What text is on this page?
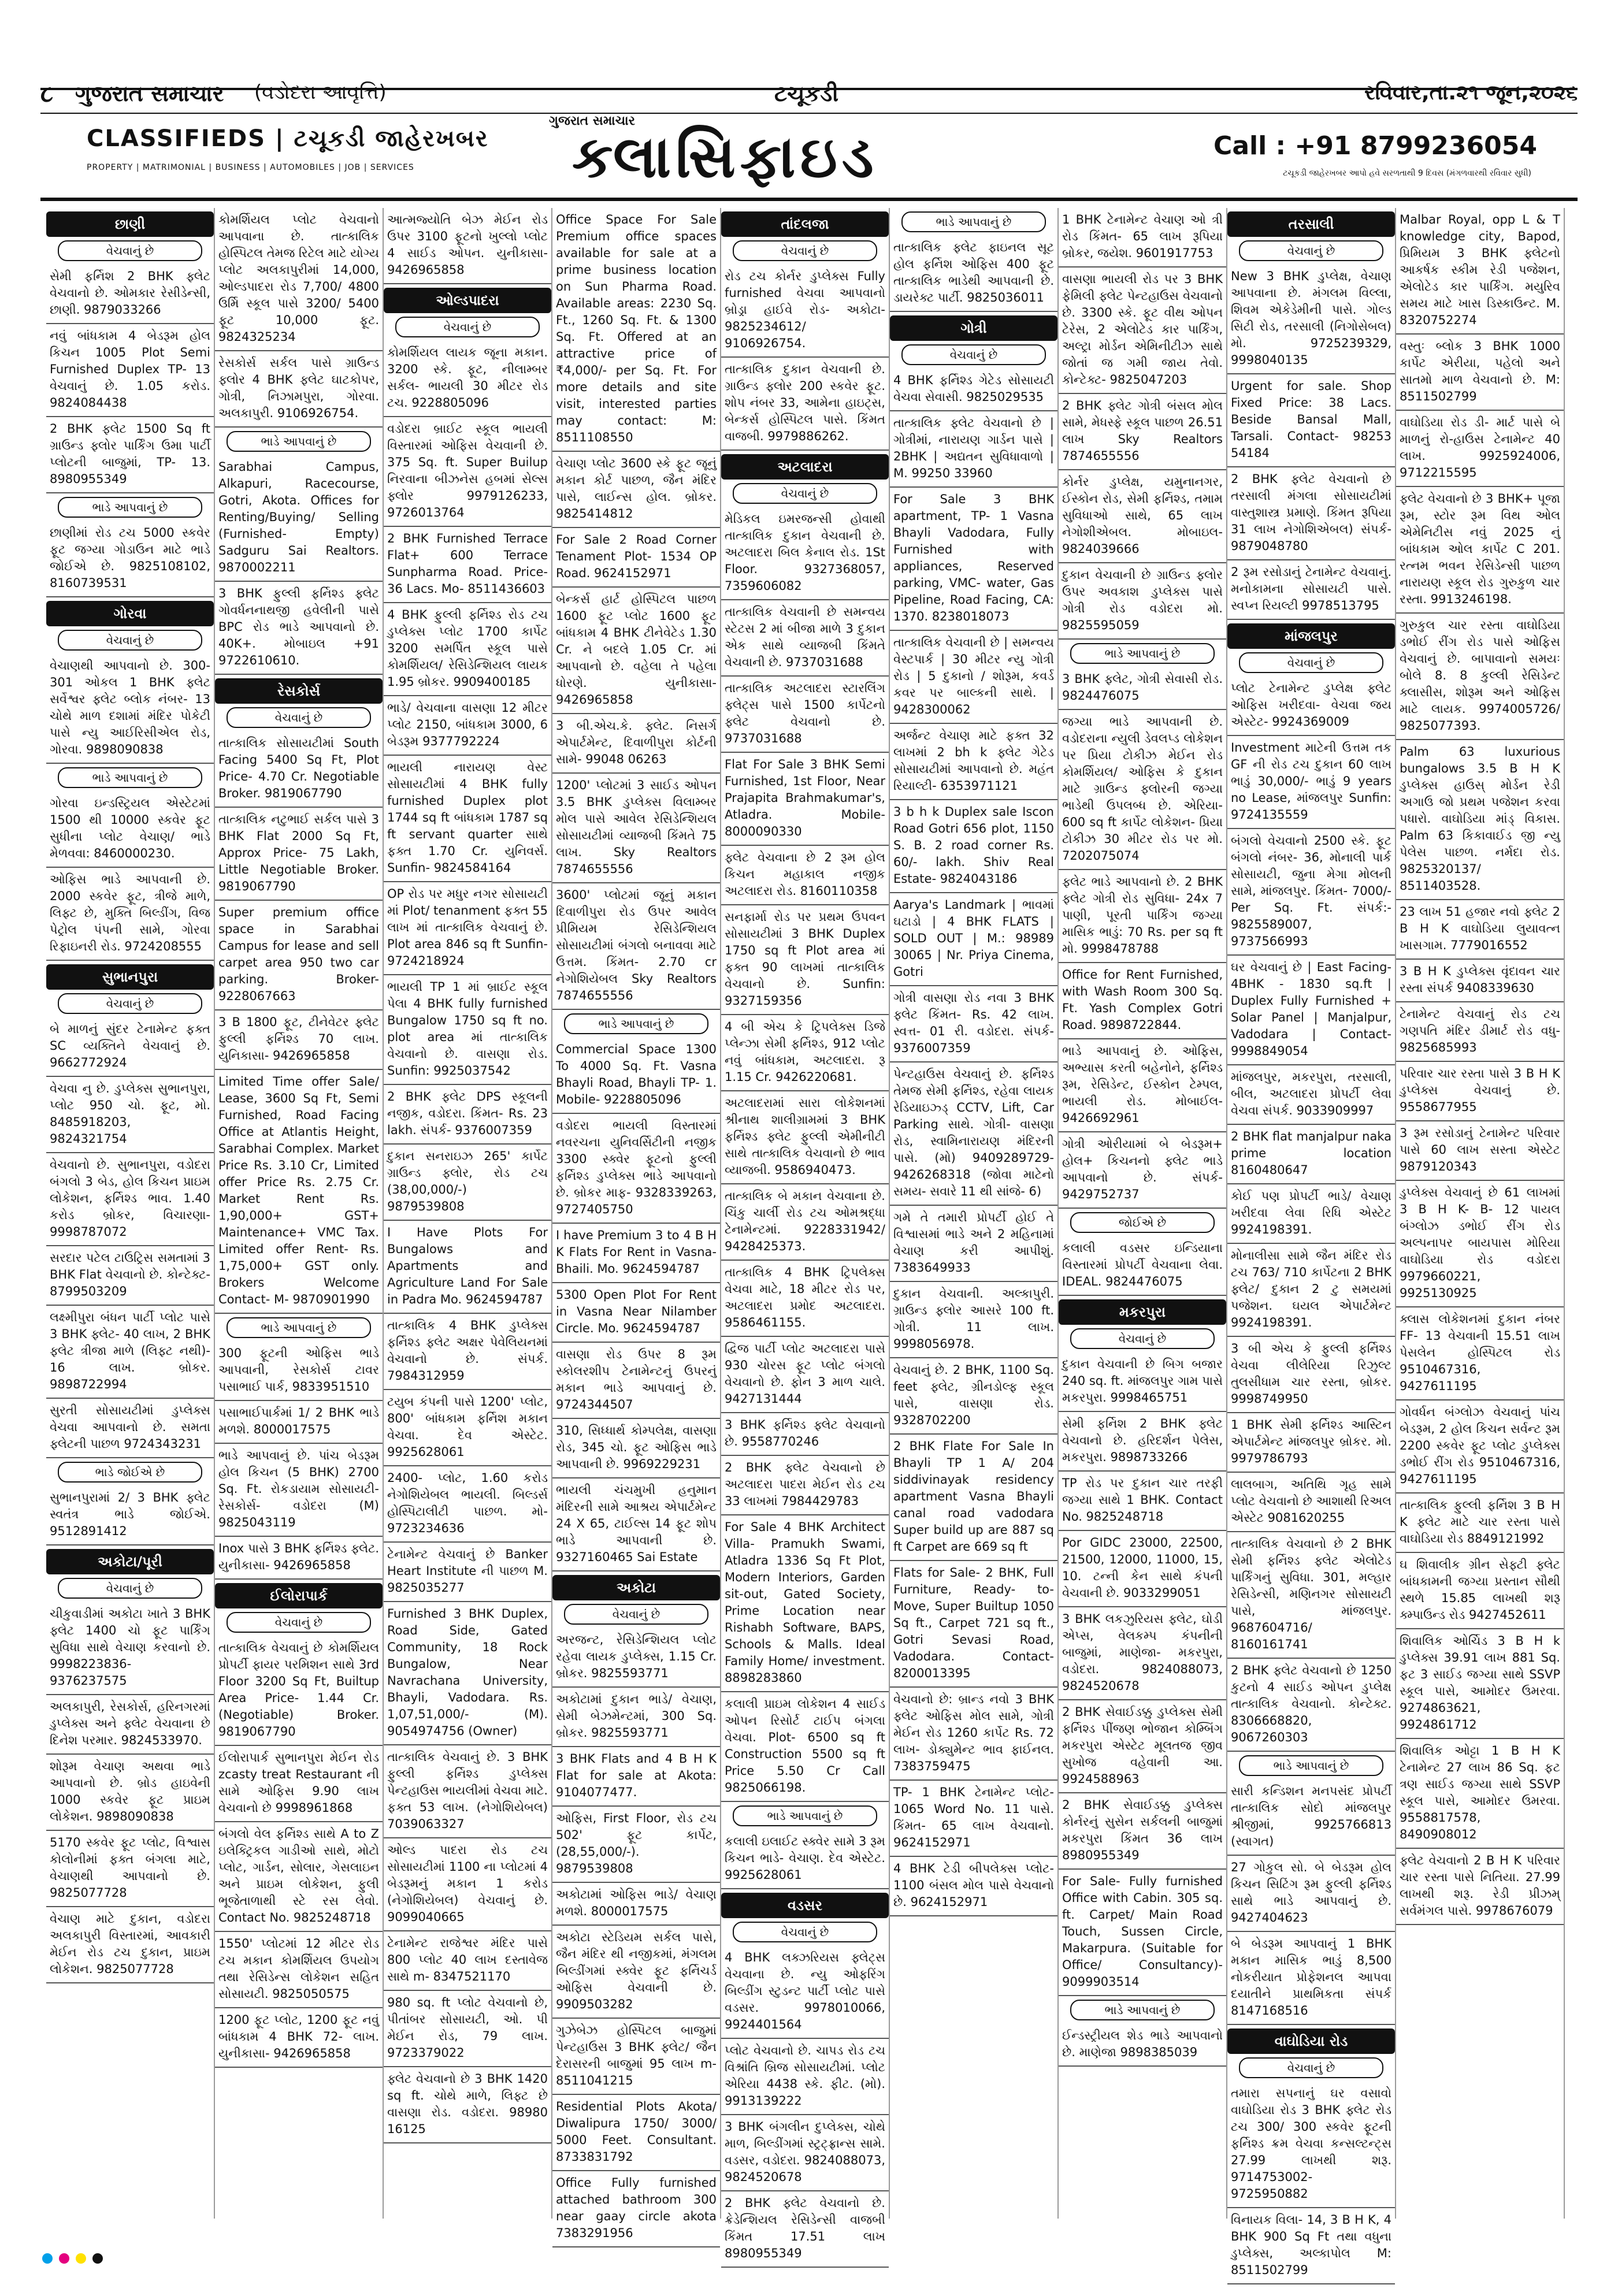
૮ ગુજરાત સમાચાર (વડોદરા આવૃત્તિ)	ટચૂકડી	રવિવાર,તા.૨૧ જૂન,૨૦૨૬
CLASSIFIEDS | ટચૂકડી જાહેરખબર
PROPERTY | MATRIMONIAL | BUSINESS | AUTOMOBILES | JOB | SERVICES
ગુજરાત સમાચાર
ક્લાસિફાઇડ	Call : +91 8799236054
ટચૂકડી જાહેરખબર આપો હવે સરળતાથી 9 દિવસ (મંગળવારથી રવિવાર સુધી)
છાણી
વેચવાનું છે
સેમી ફર્નિશ 2 BHK ફ્લેટ વેચવાનો છે. ઓમકાર રેસીડેન્સી, છાણી. 9879033266
નવું બાંધકામ 4 બેડરૂમ હોલ કિચન 1005 Plot Semi Furnished Duplex TP- 13 વેચવાનું છે. 1.05 કરોડ. 9824084438
2 BHK ફ્લેટ 1500 Sq ft ગ્રાઉન્ડ ફ્લોર પાર્કિંગ ઉમા પાર્ટી પ્લોટની બાજુમાં, TP- 13. 8980955349
ભાડે આપવાનું છે
છાણીમાં રોડ ટચ 5000 સ્કવેર ફૂટ જગ્યા ગોડાઉન માટે ભાડે જોઈએ છે. 9825108102, 8160739531
ગોરવા
વેચવાનું છે
વેચાણથી આપવાનો છે. 300-301 ઓકલ 1 BHK ફ્લેટ સર્વેશ્વર ફ્લેટ બ્લોક નંબર- 13 ચોથે માળ દશામાં મંદિર પોકેટી પાસે ન્યુ આઈરિસીએલ રોડ, ગોરવા. 9898090838
ભાડે આપવાનું છે
ગોરવા ઇન્ડસ્ટ્રિયલ એસ્ટેટમાં 1500 થી 10000 સ્કવેર ફૂટ સુધીના પ્લોટ વેચાણ/ ભાડે મેળવવા: 8460000230.
ઓફિસ ભાડે આપવાની છે. 2000 સ્કવેર ફૂટ, ત્રીજે માળે, લિફ્ટ છે, મુક્તિ બિલ્ડીંગ, વિજ પેટ્રોલ પંપની સામે, ગોરવા રિફાઇનરી રોડ. 9724208555
સુભાનપુરા
વેચવાનું છે
બે માળનું સુંદર ટેનામેન્ટ ફક્ત SC વ્યક્તિને વેચવાનું છે. 9662772924
વેચવા નુ છે. ડુપ્લેક્સ સુભાનપુરા, પ્લોટ 950 ચો. ફૂટ, મો. 8485918203, 9824321754
વેચવાનો છે. સુભાનપુરા, વડોદરા બંગલો 3 બેડ, હોલ કિચન પ્રાઇમ લોકેશન, ફર્નિશ્ડ ભાવ. 1.40 કરોડ બ્રોકર, વિચારણા- 9998787072
સરદાર પટેલ ટાઉટ્રિસ સમતામાં 3 BHK Flat વેચવાનો છે. કોન્ટેક્ટ- 8799503209
લક્ષ્મીપુરા બંધન પાર્ટી પ્લોટ પાસે 3 BHK ફ્લેટ- 40 લાખ, 2 BHK ફ્લેટ ત્રીજા માળે (લિફ્ટ નથી)- 16 લાખ. બ્રોકર. 9898722994
સુરતી સોસાયટીમાં ડુપ્લેક્સ વેચવા આપવાનો છે. સમતા ફ્લેટની પાછળ 9724343231
ભાડે જોઈએ છે
સુભાનપુરામાં 2/ 3 BHK ફ્લેટ સ્વતંત્ર ભાડે જોઈએ. 9512891412
અકોટા/પૂરી
વેચવાનું છે
ચીકુવાડીમાં અકોટા ખાતે 3 BHK ફ્લેટ 1400 ચો ફૂટ પાર્કિંગ સુવિધા સાથે વેચાણ કરવાનો છે. 9998223836- 9376237575
અલકાપુરી, રેસકોર્સ, હરિનગરમાં ડુપ્લેક્સ અને ફ્લેટ વેચવાના છે દિનેશ પરમાર. 9824533970.
શોરૂમ વેચાણ અથવા ભાડે આપવાનો છે. બ્રોડ હાઇવેની 1000 સ્કવેર ફૂટ પ્રાઇમ લોકેશન. 9898090838
5170 સ્કવેર ફૂટ પ્લોટ, વિશ્વાસ કોલોનીમાં ફક્ત બંગલા માટે, વેચાણથી આપવાનો છે. 9825077728
વેચાણ માટે દુકાન, વડોદરા અલકાપુરી વિસ્તારમાં, આવકારી મેઈન રોડ ટચ દુકાન, પ્રાઇમ લોકેશન. 9825077728
કોમર્શિયલ પ્લોટ વેચવાનો આપવાના છે. તાત્કાલિક હોસ્પિટલ તેમજ રિટેલ માટે યોગ્ય પ્લોટ અલકાપુરીમાં 14,000, ઓલ્ડપાદરા રોડ 7,700/ 4800 ઉર્મિ સ્કૂલ પાસે 3200/ 5400 ફૂટ 10,000 ફૂટ. 9824325234
રેસકોર્સ સર્કલ પાસે ગ્રાઉન્ડ ફ્લોર 4 BHK ફ્લેટ ઘાટકોપર, ગોત્રી, નિઝામપુરા, ગોરવા. અલકાપુરી. 9106926754.
ભાડે આપવાનું છે
Sarabhai Campus, Alkapuri, Racecourse, Gotri, Akota. Offices for Renting/Buying/ Selling (Furnished- Empty) Sadguru Sai Realtors. 9870002211
3 BHK ફુલ્લી ફર્નિશ્ડ ફ્લેટ ગોવર્ધનનાથજી હવેલીની પાસે BPC રોડ ભાડે આપવાનો છે. 40K+. મોબાઇલ +91 9722610610.
રેસકોર્સ
વેચવાનું છે
તાત્કાલિક સોસાયટીમાં South Facing 5400 Sq Ft, Plot Price- 4.70 Cr. Negotiable Broker. 9819067790
તાત્કાલિક નટુભાઈ સર્કલ પાસે 3 BHK Flat 2000 Sq Ft, Approx Price- 75 Lakh, Little Negotiable Broker. 9819067790
Super premium office space in Sarabhai Campus for lease and sell carpet area 950 two car parking. Broker- 9228067663
3 B 1800 ફૂટ, ટીનેવેટર ફ્લેટ ફુલ્લી ફર્નિશ્ડ 70 લાખ. યુનિકાસા- 9426965858
Limited Time offer Sale/ Lease, 3600 Sq Ft, Semi Furnished, Road Facing Office at Atlantis Height, Sarabhai Complex. Market Price Rs. 3.10 Cr, Limited offer Price Rs. 2.75 Cr. Market Rent Rs. 1,90,000+ GST+ Maintenance+ VMC Tax. Limited offer Rent- Rs. 1,75,000+ GST only. Brokers Welcome Contact- M- 9870901990
ભાડે આપવાનું છે
300 ફૂટની ઓફિસ ભાડે આપવાની, રેસકોર્સ ટાવર પસાભાઈ પાર્ક, 9833951510
પસાભાઈપાર્કમાં 1/ 2 BHK ભાડે મળશે. 8000017575
ભાડે આપવાનું છે. પાંચ બેડરૂમ હોલ કિચન (5 BHK) 2700 Sq. Ft. રોકડાયામ સોસાયટી- રેસકોર્સ- વડોદરા (M) 9825043119
Inox પાસે 3 BHK ફર્નિશ્ડ ફ્લેટ. યુનીકાસા- 9426965858
ઈલોરાપાર્ક
વેચવાનું છે
તાત્કાલિક વેચવાનું છે કોમર્શિયલ પ્રોપર્ટી ફાયર પરમિશન સાથે 3rd Floor 3200 Sq Ft, Builtup Area Price- 1.44 Cr. (Negotiable) Broker. 9819067790
ઈલોરાપાર્ક સુભાનપુરા મેઈન રોડ zcasty treat Restaurant ની સામે ઓફિસ 9.90 લાખ વેચવાનો છે 9998961868
બંગલો વેલ ફર્નિશ્ડ સાથે A to Z ઇલેક્ટ્રિકલ ગાડીઓ સાથે, મોટો પ્લોટ, ગાર્ડન, સોલાર, ગેસલાઇન અને પ્રાઇમ લોકેશન, ફુલી ભૂજેતાળાથી સ્ટે રસ લેવો. Contact No. 9825248718
1550' પ્લોટમાં 12 મીટર રોડ ટચ મકાન કોમર્શિયલ ઉપયોગ તથા રેસિડેન્સ લોકેશન સહિત સોસાયટી. 9825050575
1200 ફૂટ પ્લોટ, 1200 ફૂટ નવું બાંધકામ 4 BHK 72- લાખ. યુનીકાસા- 9426965858
આત્મજ્યોતિ બેઝ મેઈન રોડ ઉપર 3100 ફૂટનો ખુલ્લો પ્લોટ 4 સાઈડ ઓપન. યુનીકાસા- 9426965858
ઓલ્ડપાદરા
વેચવાનું છે
કોમર્શિયલ લાયક જૂના મકાન. 3200 સ્કે. ફૂટ, નીલામ્બર સર્કલ- ભાયલી 30 મીટર રોડ ટચ. 9228805096
વડોદરા બ્રાઈટ સ્કૂલ ભાયલી વિસ્તારમાં ઓફિસ વેચવાની છે. 375 Sq. ft. Super Builup નિરવાના બીઝનેસ હબમાં સેલ્સ ફ્લોર 9979126233, 9726013764
2 BHK Furnished Terrace Flat+ 600 Terrace Sunpharma Road. Price- 36 Lacs. Mo- 8511436603
4 BHK ફુલ્લી ફર્નિશ્ડ રોડ ટચ ડુપ્લેક્સ પ્લોટ 1700 કાર્પેટ 3200 સમર્પિત સ્કૂલ પાસે કોમર્શિયલ/ રેસિડેન્શિયલ લાયક 1.95 બ્રોકર. 9909400185
ભાડે/ વેચવાના વાસણા 12 મીટર પ્લોટ 2150, બાંધકામ 3000, 6 બેડરૂમ 9377792224
ભાયલી નારાયણ વેસ્ટ સોસાયટીમાં 4 BHK fully furnished Duplex plot 1744 sq ft બાંધકામ 1787 sq ft servant quarter સાથે ફક્ત 1.70 Cr. યુનિવર્સ. Sunfin- 9824584164
OP રોડ પર મધુર નગર સોસાયટી માં Plot/ tenanment ફક્ત 55 લાખ માં તાત્કાલિક વેચવાનું છે. Plot area 846 sq ft Sunfin- 9724218924
ભાયલી TP 1 માં બ્રાઈટ સ્કૂલ પેલા 4 BHK fully furnished Bungalow 1750 sq ft no. plot area માં તાત્કાલિક વેચવાનો છે. વાસણા રોડ. Sunfin: 9925037542
2 BHK ફ્લેટ DPS સ્કૂલની નજીક, વડોદરા. કિંમત- Rs. 23 lakh. સંપર્ક- 9376007359
દુકાન સનરાઇઝ 265' કાર્પેટ ગ્રાઉન્ડ ફ્લોર, રોડ ટચ (38,00,000/-) 9879539808
I Have Plots For Bungalows and Apartments and Agriculture Land For Sale in Padra Mo. 9624594787
તાત્કાલિક 4 BHK ડુપ્લેક્સ ફર્નિશ્ડ ફ્લેટ અક્ષર પેવેલિયનમાં વેચવાનો છે. સંપર્ક. 7984312959
ટયુબ કંપની પાસે 1200' પ્લોટ, 800' બાંધકામ ફર્નિશ મકાન વેચવા. દેવ એસ્ટેટ. 9925628061
2400- પ્લોટ, 1.60 કરોડ નેગોશિયેબલ ભાયલી. બિલ્ડર્સ હોસ્પિટાલીટી પાછળ. મો- 9723234636
ટેનામેન્ટ વેચવાનું છે Banker Heart Institute ની પાછળ M. 9825035277
Furnished 3 BHK Duplex, Road Side, Gated Community, 18 Rock Bungalow, Near Navrachana University, Bhayli, Vadodara. Rs. 1,07,51,000/- (M). 9054974756 (Owner)
તાત્કાલિક વેચવાનું છે. 3 BHK ફુલ્લી ફર્નિશ્ડ ડુપ્લેક્સ પેન્ટહાઉસ ભાયલીમાં વેચવા માટે. ફક્ત 53 લાખ. (નેગોશિયેબલ) 7039063327
ઓલ્ડ પાદરા રોડ ટચ સોસાયટીમાં 1100 ના પ્લોટમાં 4 બેડરૂમનું મકાન 1 કરોડ (નેગોશિયેબલ) વેચવાનું છે. 9099040665
ટેનામેન્ટ રાજેશ્વર મંદિર પાસે 800 પ્લોટ 40 લાખ દસ્તાવેજ સાથે m- 8347521170
980 sq. ft પ્લોટ વેચવાનો છે, પીતાંબર સોસાયટી, ઓ. પી મેઈન રોડ, 79 લાખ. 9723379022
ફ્લેટ વેચવાનો છે 3 BHK 1420 sq ft. ચોથે માળે, લિફ્ટ છે વાસણા રોડ. વડોદરા. 98980 16125
Office Space For Sale Premium office spaces available for sale at a prime business location on Sun Pharma Road. Available areas: 2230 Sq. Ft., 1260 Sq. Ft. & 1300 Sq. Ft. Offered at an attractive price of ₹4,000/- per Sq. Ft. For more details and site visit, interested parties may contact: M: 8511108550
વેચાણ પ્લોટ 3600 સ્કે ફૂટ જૂનું મકાન કોર્ટ પાછળ, જૈન મંદિર પાસે, લાઈન્સ હોલ. બ્રોકર. 9825414812
For Sale 2 Road Corner Tenament Plot- 1534 OP Road. 9624152971
બેન્કર્સ હાર્ટ હોસ્પિટલ પાછળ 1600 ફૂટ પ્લોટ 1600 ફૂટ બાંધકામ 4 BHK ટીનેવેટેડ 1.30 Cr. ને બદલે 1.05 Cr. માં આપવાનો છે. વહેલા તે પહેલા ધોરણે. યુનીકાસા- 9426965858
3 બી.એચ.કે. ફ્લેટ. નિસર્ગ એપાર્ટમેન્ટ, દિવાળીપુરા કોર્ટની સામે- 99048 06263
1200' પ્લોટમાં 3 સાઈડ ઓપન 3.5 BHK ડુપ્લેક્સ વિલામ્બર મોલ પાસે આવેલ રેસિડેન્શિયલ સોસાયટીમાં વ્યાજબી કિંમતે 75 લાખ. Sky Realtors 7874655556
3600' પ્લોટમાં જૂનું મકાન દિવાળીપુરા રોડ ઉપર આવેલ પ્રીમિયમ રેસિડેન્શિયલ સોસાયટીમાં બંગલો બનાવવા માટે ઉત્તમ. કિંમત- 2.70 cr નેગોશિયેબલ Sky Realtors 7874655556
ભાડે આપવાનું છે
Commercial Space 1300 To 4000 Sq. Ft. Vasna Bhayli Road, Bhayli TP- 1. Mobile- 9228805096
વડોદરા ભાયલી વિસ્તારમાં નવરચના યુનિવર્સિટીની નજીક 3300 સ્ક્વેર ફૂટનો ફુલ્લી ફર્નિશ્ડ ડુપ્લેક્સ ભાડે આપવાનો છે. બ્રોકર માફ- 9328339263, 9727405750
I have Premium 3 to 4 B H K Flats For Rent in Vasna- Bhaili. Mo. 9624594787
5300 Open Plot For Rent in Vasna Near Nilamber Circle. Mo. 9624594787
વાસણા રોડ ઉપર 8 રૂમ સ્કોલરશીપ ટેનામેન્ટનું ઉપરનું મકાન ભાડે આપવાનું છે. 9724344507
310, સિધ્ધાર્થ કોમ્પલેક્ષ, વાસણા રોડ, 345 ચો. ફૂટ ઓફિસ ભાડે આપવાની છે. 9969229231
ભાયલી ચંચમુખી હનુમાન મંદિરની સામે આશ્રય એપાર્ટમેન્ટ 24 X 65, ટાઈલ્સ 14 ફૂટ શોપ ભાડે આપવાની છે. 9327160465 Sai Estate
અકોટા
વેચવાનું છે
અરજન્ટ, રેસિડેન્શિયલ પ્લોટ રહેવા લાયક ડુપ્લેક્સ, 1.15 Cr. બ્રોકર. 9825593771
અકોટામાં દુકાન ભાડે/ વેચાણ, સેમી બેઝમેન્ટમાં, 300 Sq. બ્રોકર. 9825593771
3 BHK Flats and 4 B H K Flat for sale at Akota: 9104077477.
ઓફિસ, First Floor, રોડ ટચ 502' ફૂટ કાર્પેટ, (28,55,000/-). 9879539808
અકોટામાં ઓફિસ ભાડે/ વેચાણ મળશે. 8000017575
અકોટા સ્ટેડિયમ સર્કલ પાસે, જૈન મંદિર થી નજીકમાં, મંગલમ બિલ્ડીંગમાં સ્ક્વેર ફૂટ ફર્નિચર્ડ ઓફિસ વેચવાની છે. 9909503282
ગુઝેબેઝ હોસ્પિટલ બાજુમાં પેન્ટહાઉસ 3 BHK ફ્લેટ/ જૈન દેરાસરની બાજુમાં 95 લાખ m- 8511041215
Residential Plots Akota/ Diwalipura 1750/ 3000/ 5000 Feet. Consultant. 8733831792
Office Fully furnished attached bathroom 300 near gaay circle akota 7383291956
તાંદલજા
વેચવાનું છે
રોડ ટચ કોર્નર ડુપ્લેક્સ Fully furnished વેચવા આપવાનો બ્રોડ્રા હાઈવે રોડ- અકોટા- 9825234612/ 9106926754.
તાત્કાલિક દુકાન વેચવાની છે. ગ્રાઉન્ડ ફ્લોર 200 સ્કવેર ફૂટ. શોપ નંબર 33, આમેના હાઇટ્સ, બેન્કર્સ હોસ્પિટલ પાસે. કિંમત વાજબી. 9979886262.
અટલાદરા
વેચવાનું છે
મેડિકલ ઇમરજન્સી હોવાથી તાત્કાલિક દુકાન વેચવાની છે. અટલાદરા બિલ કેનાલ રોડ. 1St Floor. 9327368057, 7359606082
તાત્કાલિક વેચવાની છે સમન્વય સ્ટેટસ 2 માં બીજા માળે 3 દુકાન એક સાથે વ્યાજબી કિંમતે વેચવાની છે. 9737031688
તાત્કાલિક અટલાદરા સ્ટારલિંગ ફ્લેટ્સ પાસે 1500 કાર્પેટનો ફ્લેટ વેચવાનો છે. 9737031688
Flat For Sale 3 BHK Semi Furnished, 1st Floor, Near Prajapita Brahmakumar's, Atladra. Mobile- 8000090330
ફ્લેટ વેચવાના છે 2 રૂમ હોલ કિચન મહાકાલ નજીક અટલાદરા રોડ. 8160110358
સનફાર્મા રોડ પર પ્રથમ ઉપવન સોસાયટીમાં 3 BHK Duplex 1750 sq ft Plot area માં ફક્ત 90 લાખમાં તાત્કાલિક વેચવાનો છે. Sunfin: 9327159356
4 બી એચ કે ટ્રિપલેક્સ ડિજે પ્લેન્ઝા સેમી ફર્નિશ્ડ, 912 પ્લોટ નવું બાંધકામ, અટલાદરા. રૂ 1.15 Cr. 9426220681.
અટલાદરામાં સારા લોકેશનમાં શ્રીનાથ શાલીગ્રામમાં 3 BHK ફર્નિશ્ડ ફ્લેટ ફુલ્લી એમીનીટી સાથે તાત્કાલિક વેચવાનો છે ભાવ વ્યાજબી. 9586940473.
તાત્કાલિક બે મકાન વેચવાના છે. ચિંકુ ચાર્લી રોડ ટચ ઓમશ્રદ્ધા ટેનામેન્ટમાં. 9228331942/ 9428425373.
તાત્કાલિક 4 BHK ટ્રિપલેક્સ વેચવા માટે, 18 મીટર રોડ પર, અટલાદરા પ્રમોદ અટલાદરા. 9586461155.
દ્વિજ પાર્ટી પ્લોટ અટલાદરા પાસે 930 ચોરસ ફૂટ પ્લોટ બંગલો વેચવાનો છે. ફોન 3 માળ ચાલે. 9427131444
3 BHK ફર્નિશ્ડ ફ્લેટ વેચવાનો છે. 9558770246
2 BHK ફ્લેટ વેચવાનો છે અટલાદરા પાદરા મેઈન રોડ ટચ 33 લાખમાં 7984429783
For Sale 4 BHK Architect Villa- Pramukh Swami, Atladra 1336 Sq Ft Plot, Modern Interiors, Garden sit-out, Gated Society, Prime Location near Rishabh Software, BAPS, Schools & Malls. Ideal Family Home/ investment. 8898283860
કલાલી પ્રાઇમ લોકેશન 4 સાઈડ ઓપન રિસોર્ટ ટાઈપ બંગલા વેચવા. Plot- 6500 sq ft Construction 5500 sq ft Price 5.50 Cr Call 9825066198.
ભાડે આપવાનું છે
કલાલી ઇલાઈટ સ્ક્વેર સામે 3 રૂમ કિચન ભાડે- વેચાણ. દેવ એસ્ટેટ. 9925628061
વડસર
વેચવાનું છે
4 BHK લક્ઝરિયસ ફ્લેટ્સ વેચવાના છે. ન્યુ ઓફરિંગ બિલ્ડીંગ સ્ટુડન્ટ પાર્ટી પ્લોટ પાસે વડસર. 9978010066, 9924401564
પ્લોટ વેચવાનો છે. ચાપડ રોડ ટચ વિશ્રાંતિ બ્રિજ સોસાયટીમાં. પ્લોટ એરિયા 4438 સ્કે. ફીટ. (મો). 9913139222
3 BHK બંગલીન દુપ્લેક્સ, ચોથે માળ, બિલ્ડીંગમાં સ્ટ્રટ્ફ્રાન્સ સામે. વડસર, વડોદરા. 9824088073, 9824520678
2 BHK ફ્લેટ વેચવાનો છે. ક્રેડેન્શિયલ રેસિડેન્સી વાજબી કિંમત 17.51 લાખ 8980955349
ભાડે આપવાનું છે
તાત્કાલિક ફ્લેટ ફાઇનલ સૂટ હોલ ફર્નિશ ઓફિસ 400 ફૂટ તાત્કાલિક ભાડેથી આપવાની છે. ડાયરેક્ટ પાર્ટી. 9825036011
ગોત્રી
વેચવાનું છે
4 BHK ફર્નિશ્ડ ગેટેડ સોસાયટી વેચવા સેવાસી. 9825029535
તાત્કાલિક ફ્લેટ વેચવાનો છે | ગોત્રીમાં, નારાયણ ગાર્ડન પાસે | 2BHK | અદ્યતન સુવિધાવાળો | M. 99250 33960
For Sale 3 BHK apartment, TP- 1 Vasna Bhayli Vadodara, Fully Furnished with appliances, Reserved parking, VMC- water, Gas Pipeline, Road Facing, CA: 1370. 8238018073
તાત્કાલિક વેચવાની છે | સમન્વય વેસ્ટપાર્ક | 30 મીટર ન્યુ ગોત્રી રોડ | 5 દુકાનો / શોરૂમ, કવર્ડ કવર પર બાલ્કની સાથે. | 9428300062
અર્જન્ટ વેચાણ માટે ફક્ત 32 લાખમાં 2 bh k ફ્લેટ ગેટેડ સોસાયટીમાં આપવાનો છે. મહંત રિયાલ્ટી- 6353971121
3 b h k Duplex sale Iscon Road Gotri 656 plot, 1150 S. B. 2 road corner Rs. 60/- lakh. Shiv Real Estate- 9824043186
Aarya's Landmark | ભાવમાં ઘટાડો | 4 BHK FLATS | SOLD OUT | M.: 98989 30065 | Nr. Priya Cinema, Gotri
ગોત્રી વાસણા રોડ નવા 3 BHK ફ્લેટ કિંમત- Rs. 42 લાખ. સ્વત્ત- 01 રી. વડોદરા. સંપર્ક- 9376007359
પેન્ટહાઉસ વેચવાનું છે. ફર્નિશ્ડ તેમજ સેમી ફર્નિશ્ડ, રહેવા લાયક રેડિયાઇઝ્ડ્ CCTV, Lift, Car Parking સાથે. ગોત્રી- વાસણા રોડ, સ્વામિનારાયણ મંદિરની પાસે. (મો) 9409289729- 9426268318 (જોવા માટેનો સમય- સવારે 11 થી સાંજે- 6)
ગમે તે તમારી પ્રોપર્ટી હોઈ તે વિશ્વાસમાં ભાડે અને 2 મહિનામાં વેચાણ કરી આપીશું. 7383649933
દુકાન વેચવાની. અલ્કાપુરી. ગ્રાઉન્ડ ફ્લોર આસરે 100 ft. ગોત્રી. 11 લાખ. 9998056978.
વેચવાનું છે. 2 BHK, 1100 Sq. feet ફ્લેટ, ગ્રીનડોલ્ફ સ્કૂલ પાસે, વાસણા રોડ. 9328702200
2 BHK Flate For Sale In Bhayli TP 1 A/ 204 siddivinayak residency apartment Vasna Bhayli canal road vadodara Super build up are 887 sq ft Carpet are 669 sq ft
Flats for Sale- 2 BHK, Full Furniture, Ready- to- Move, Super Builtup 1050 Sq ft., Carpet 721 sq ft., Gotri Sevasi Road, Vadodara. Contact- 8200013395
વેચવાનો છે: બ્રાન્ડ નવો 3 BHK ફ્લેટ ઓફિસ મોલ સામે, ગોત્રી મેઈન રોડ 1260 કાર્પેટ Rs. 72 લાખ- ડોક્યુમેન્ટ ભાવ ફાઈનલ. 7383759475
TP- 1 BHK ટેનામેન્ટ પ્લોટ- 1065 Word No. 11 પાસે. કિંમત- 65 લાખ વેચવાનો. 9624152971
4 BHK ટેડી બીપલેક્સ પ્લોટ- 1100 બંસલ મોલ પાસે વેચવાનો છે. 9624152971
1 BHK ટેનામેન્ટ વેચાણ ઓ ત્રી રોડ કિંમત- 65 લાખ રૂપિયા બ્રોકર, જયેશ. 9601917753
વાસણા ભાયલી રોડ પર 3 BHK ફેમિલી ફ્લેટ પેન્ટહાઉસ વેચવાનો છે. 3300 સ્કે. ફૂટ વીથ ઓપન ટેરેસ, 2 એલોટેડ કાર પાર્કિંગ, અલ્ટ્રા મોર્ડન એમિનીટીઝ સાથે જોતાં જ ગમી જાય તેવો. કોન્ટેક્ટ- 9825047203
2 BHK ફ્લેટ ગોત્રી બંસલ મોલ સામે, મેધસ્ફે સ્કૂલ પાછળ 26.51 લાખ Sky Realtors 7874655556
કોર્નર ડુપ્લેક્ષ, યમુનાનગર, ઈસ્કોન રોડ, સેમી ફર્નિશ્ડ, તમામ સુવિધાઓ સાથે, 65 લાખ નેગોશીએબલ. મોબાઇલ- 9824039666
દુકાન વેચવાની છે ગ્રાઉન્ડ ફ્લોર ઉપર અવકાશ ડુપ્લેક્સ પાસે ગોત્રી રોડ વડોદરા મો. 9825595059
ભાડે આપવાનું છે
3 BHK ફ્લેટ, ગોત્રી સેવાસી રોડ. 9824476075
જગ્યા ભાડે આપવાની છે. વડોદરાના ન્યુલી ડેવલપ્ડ લોકેશન પર પ્રિયા ટોકીઝ મેઈન રોડ કોમર્શિયલ/ ઓફિસ કે દુકાન માટે ગ્રાઉન્ડ ફ્લોરની જગ્યા ભાડેથી ઉપલબ્ધ છે. એરિયા- 600 sq ft કાર્પેટ લોકેશન- પ્રિયા ટોકીઝ 30 મીટર રોડ પર મો. 7202075074
ફ્લેટ ભાડે આપવાનો છે. 2 BHK ફ્લેટ ગોત્રી રોડ સુવિધા- 24x 7 પાણી, પૂરતી પાર્કિંગ જગ્યા માસિક ભાડું: 70 Rs. per sq ft મો. 9998478788
Office for Rent Furnished, with Wash Room 300 Sq. Ft. Yash Complex Gotri Road. 9898722844.
ભાડે આપવાનું છે. ઓફિસ, અભ્યાસ કરતી બહેનોને, ફર્નિશ્ડ રૂમ, રેસિડેન્ટ, ઈસ્કોન ટેમ્પલ, ભાયલી રોડ. મોબાઈલ- 9426692961
ગોત્રી ઓરીયામાં બે બેડરૂમ+ હોલ+ કિચનનો ફ્લેટ ભાડે આપવાનો છે. સંપર્ક- 9429752737
જોઈએ છે
કલાલી વડસર ઇન્ડિયાના વિસ્તારમાં પ્રોપર્ટી વેચવાના લેવા. IDEAL. 9824476075
મકરપુરા
વેચવાનું છે
દુકાન વેચવાની છે બિગ બજાર 240 sq. ft. માંજલપુર ગામ પાસે મકરપુરા. 9998465751
સેમી ફર્નિશ 2 BHK ફ્લેટ વેચવાનો છે. હરિદર્શન પેલેસ, મકરપુરા. 9898733266
TP રોડ પર દુકાન ચાર તરફી જગ્યા સાથે 1 BHK. Contact No. 9825248718
Por GIDC 23000, 22500, 21500, 12000, 11000, 15, 10. ટન્ની કેન સાથે કંપની વેચવાની છે. 9033299051
3 BHK લકઝુરિયસ ફ્લેટ, ઘોડી એપ્સ, વેલકમ્પ કંપનીની બાજુમાં, માણેજા- મકરપુરા, વડોદરા. 9824088073, 9824520678
2 BHK સેવાઈડક્કુ ડુપ્લેક્સ સેમી ફર્નિશ્ડ પીંજણ ભોજાન કોમ્બિંગ મકરપુરા એસ્ટેટ મૂલતજ જીવ સુખોજ વહેવાની આ. 9924588963
2 BHK સેવાઈડક્કુ ડુપ્લેક્સ કોર્નરનું સુસેન સર્કલની બાજુમાં મકરપુરા કિંમત 36 લાખ 8980955349
For Sale- Fully furnished Office with Cabin. 305 sq. ft. Carpet/ Main Road Touch, Sussen Circle, Makarpura. (Suitable for Office/ Consultancy)- 9099903514
ભાડે આપવાનું છે
ઈન્ડસ્ટ્રીયલ શેડ ભાડે આપવાનો છે. માણેજા 9898385039
તરસાલી
વેચવાનું છે
New 3 BHK ડુપ્લેક્ષ, વેચાણ આપવાના છે. મંગલમ વિલ્લા, શિવમ એકેડેમીની પાસે. ગોલ્ડ સિટી રોડ, તરસાલી (નિગોસેબલ) મો. 9725239329, 9998040135
Urgent for sale. Shop Fixed Price: 38 Lacs. Beside Bansal Mall, Tarsali. Contact- 98253 54184
2 BHK ફ્લેટ વેચવાનો છે તરસાલી મંગલા સોસાયટીમાં વાસ્તુશાસ્ત્ર પ્રમાણે. કિંમત રૂપિયા 31 લાખ નેગોશિએબલ) સંપર્ક- 9879048780
2 રૂમ રસોડાનું ટેનામેન્ટ વેચવાનું. મનોકામના સોસાયટી પાસે. સ્વપ્ન રિયલ્ટી 9978513795
માંજલપુર
વેચવાનું છે
પ્લોટ ટેનામેન્ટ ડુપ્લેક્ષ ફ્લેટ ઓફિસ ખરીદવા- વેચવા જય એસ્ટેટ- 9924369009
Investment માટેની ઉત્તમ તક GF ની રોડ ટચ દુકાન 60 લાખ ભાડું 30,000/- ભાડું 9 years no Lease, માંજલપુર Sunfin: 9724135559
બંગલો વેચવાનો 2500 સ્કે. ફૂટ બંગલો નંબર- 36, મોનાલી પાર્ક સોસાયટી, જુના મેગા મોલની સામે, માંજલપુર. કિંમત- 7000/- Per Sq. Ft. સંપર્ક:- 9825589007, 9737566993
ઘર વેચવાનું છે | East Facing- 4BHK - 1830 sq.ft | Duplex Fully Furnished + Solar Panel | Manjalpur, Vadodara | Contact- 9998849054
માંજલપુર, મકરપુરા, તરસાલી, બીલ, અટલાદરા પ્રોપર્ટી લેવા વેચવા સંપર્ક. 9033909997
2 BHK flat manjalpur naka prime location 8160480647
કોઈ પણ પ્રોપર્ટી ભાડે/ વેચાણ ખરીદવા લેવા રિધિ એસ્ટેટ 9924198391.
મોનાલીસા સામે જૈન મંદિર રોડ ટચ 763/ 710 કાર્પેટના 2 BHK ફ્લેટ/ દુકાન 2 ટુ સમયમાં પજેશન. ઘયલ એપાર્ટમેન્ટ 9924198391.
3 બી એચ કે ફુલ્લી ફર્નિશ્ડ વેચવા લીલેરિયા રિઝુલ્ટ તુલસીધામ ચાર રસ્તા, બ્રોકર. 9998749950
1 BHK સેમી ફર્નિશ્ડ આસ્ટિન એપાર્ટમેન્ટ માંજલપુર બ્રોકર. મો. 9979786793
લાલબાગ, અતિથિ ગૃહ સામે પ્લોટ વેચવાનો છે આશાથી રિઅલ એસ્ટેટ 9081620255
તાત્કાલિક વેચવાનો છે 2 BHK સેમી ફર્નિશ્ડ ફ્લેટ એલોટેડ પાર્કિંગનું સુવિધા. 301, મલ્હાર રેસિડેન્સી, મણિનગર સોસાયટી પાસે, માંજલપુર. 9687604716/ 8160161741
2 BHK ફ્લેટ વેચવાનો છે 1250 કુટનો 4 સાઈડ ઓપન ડુપ્લેક્ષ તાત્કાલિક વેચવાનો. કોન્ટેક્ટ. 8306668820, 9067260303
ભાડે આપવાનું છે
સારી કન્ડિશન મનપસંદ પ્રોપર્ટી તાત્કાલિક સોદો માંજલપુર શ્રીજીમાં, 9925766813 (સ્વાગત)
27 ગોકુલ સો. બે બેડરૂમ હોલ કિચન સિટિંગ રૂમ ફુલ્લી ફર્નિશ્ડ સાથે ભાડે આપવાનું છે. 9427404623
બે બેડરૂમ આપવાનું 1 BHK મકાન માસિક ભાડું 8,500 નોકરીયાત પ્રોફેશનલ આપવા દયાતીને પ્રાથમિકતા સંપર્ક 8147168516
વાઘોડિયા રોડ
વેચવાનું છે
તમારા સપનાનું ઘર વસાવો વાઘોડિયા રોડ 3 BHK ફ્લેટ રોડ ટચ 300/ 300 સ્કવેર ફૂટની ફર્નિશ્ડ ક્રમ વેચવા કન્સલ્ટન્ટ્સ 27.99 લાખથી શરૂ. 9714753002- 9725950882
વિનાયક વિલા- 14, 3 B H K, 4 BHK 900 Sq Ft તથા વધુના ડુપ્લેક્સ, અલ્કાપોલ M: 8511502799
Malbar Royal, opp L & T knowledge city, Bapod, પ્રિમિયમ 3 BHK ફ્લેટનો આકર્ષક સ્કીમ રેડી પજેશન, એલોટેડ કાર પાર્કિંગ. મયુરિવ સમય માટે ખાસ ડિસ્કાઉન્ટ. M. 8320752274
વસ્તુઃ બ્લોક 3 BHK 1000 કાર્પેટ એરીયા, પહેલો અને સાતમો માળ વેચવાનો છે. M: 8511502799
વાઘોડિયા રોડ ડી- માર્ટ પાસે બે માળનું રો-હાઉસ ટેનામેન્ટ 40 લાખ. 9925924006, 9712215595
ફ્લેટ વેચવાનો છે 3 BHK+ પૂજા રૂમ, સ્ટોર રૂમ વિથ ઓલ એમેનિટીસ નવું 2025 નું બાંધકામ ઓલ કાર્પેટ C 201. રત્નમ ભવન રેસિડેન્સી પાછળ નારાયણ સ્કૂલ રોડ ગુરુકુળ ચાર રસ્તા. 9913246198.
ગુરુકુલ ચાર રસ્તા વાઘોડિયા ડભોઈ રીંગ રોડ પાસે ઓફિસ વેચવાનું છે. બાપાવાનો સમયઃ બોલે 8. 8 કુલ્લી રેસિડેન્ટ ક્લાસીસ, શોરૂમ અને ઓફિસ માટે લાયક. 9974005726/ 9825077393.
Palm 63 luxurious bungalows 3.5 B H K ડુપ્લેક્સ હાઉસ્ મોર્ડન રેડી અગાઉ જો પ્રથમ પજેશન કરવા પધારો. વાઘોડિયા માંડ્ વિકાસ. Palm 63 કિકાવાઈડ જી ન્યુ પેલેસ પાછળ. નર્મદા રોડ. 9825320137/ 8511403528.
23 લાખ 51 હજાર નવો ફ્લેટ 2 B H K વાઘોડિયા લુયાવત્ન ખાસગામ. 7779016552
3 B H K ડુપ્લેક્સ વૃંદાવન ચાર રસ્તા સંપર્ક 9408339630
ટેનામેન્ટ વેચવાનું રોડ ટચ ગણપતિ મંદિર ડીમાર્ટ રોડ વધુ- 9825685993
પરિવાર ચાર રસ્તા પાસે 3 B H K ડુપ્લેક્સ વેચવાનું છે. 9558677955
3 રૂમ રસોડાનું ટેનામેન્ટ પરિવાર પાસે 60 લાખ સસ્તા એસ્ટેટ 9879120343
ડુપ્લેક્સ વેચવાનું છે 61 લાખમાં 3 B H K- B- 12 પાયલ બંગ્લોઝ ડભોઈ રીંગ રોડ અલ્પનાપર બાયપાસ મોરિયા વાઘોડિયા રોડ વડોદરા 9979660221, 9925130925
ક્લાસ લોકેશનમાં દુકાન નંબર FF- 13 વેચવાની 15.51 લાખ પેસલેન હોસ્પિટલ રોડ 9510467316, 9427611195
ગોવર્ધન બંગ્લોઝ વેચવાનું પાંચ બેડરૂમ, 2 હોલ કિચન સર્વન્ટ રૂમ 2200 સ્કવેર ફૂટ પ્લોટ ડુપ્લેક્સ ડભોઈ રીંગ રોડ 9510467316, 9427611195
તાત્કાલિક ફુલ્લી ફર્નિશ 3 B H K ફ્લેટ માટે ચાર રસ્તા પાસે વાઘોડિયા રોડ 8849121992
ઘ શિવાલીક ગ્રીન સેફ્ટી ફ્લેટ બાંધકામની જગ્યા પ્રસ્તાન સૌથી સ્થળે 15.85 લાખથી શરૂ ક્મ્પાઉન્ડ રોડ 9427452611
શિવાલિક ઓર્ચિડ 3 B H k ડુપ્લેક્સ 39.91 લાખ 881 Sq. ફટ 3 સાઈડ જગ્યા સાથે SSVP સ્કૂલ પાસે, આમોદર ઉમરવા. 9274863621, 9924861712
શિવાલિક ઓટ્ટા 1 B H K ટેનામેન્ટ 27 લાખ 86 Sq. ફટ ત્રણ સાઈડ જગ્યા સાથે SSVP સ્કૂલ પાસે, આમોદર ઉમરવા. 9558817578, 8490908012
ફ્લેટ વેચવાનો 2 B H K પરિવાર ચાર રસ્તા પાસે નિતિયા. 27.99 લાખથી શરૂ. રેડી પ્રીઝમ્ સર્વમંગલ પાસે. 9978676079
